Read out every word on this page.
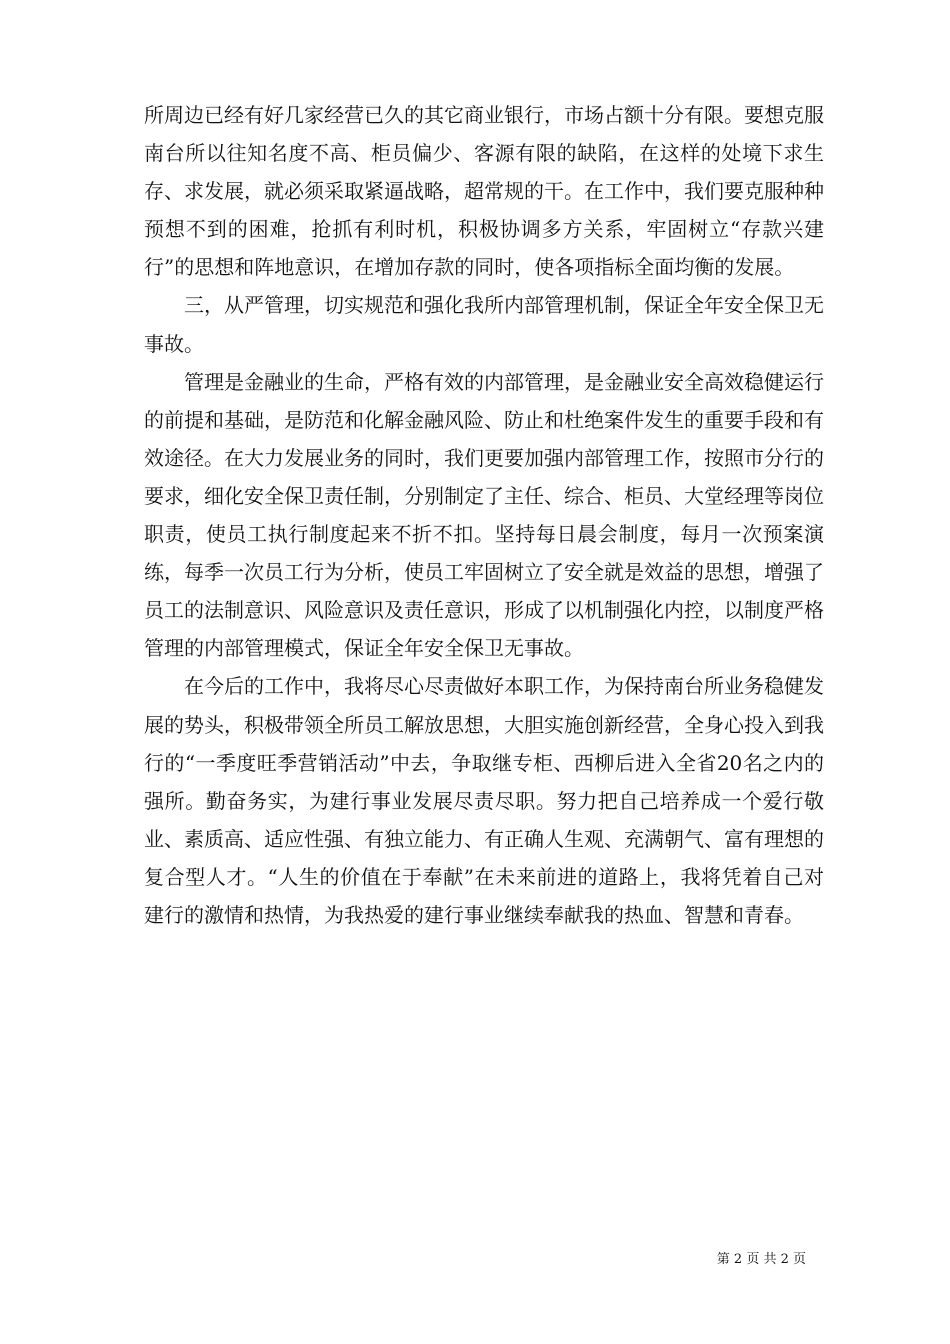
所周边已经有好几家经营已久的其它商业银行，市场占额十分有限。要想克服南台所以往知名度不高、柜员偏少、客源有限的缺陷，在这样的处境下求生存、求发展，就必须采取紧逼战略，超常规的干。在工作中，我们要克服种种预想不到的困难，抢抓有利时机，积极协调多方关系，牢固树立“存款兴建行”的思想和阵地意识，在增加存款的同时，使各项指标全面均衡的发展。

三，从严管理，切实规范和强化我所内部管理机制，保证全年安全保卫无事故。

管理是金融业的生命，严格有效的内部管理，是金融业安全高效稳健运行的前提和基础，是防范和化解金融风险、防止和杜绝案件发生的重要手段和有效途径。在大力发展业务的同时，我们更要加强内部管理工作，按照市分行的要求，细化安全保卫责任制，分别制定了主任、综合、柜员、大堂经理等岗位职责，使员工执行制度起来不折不扣。坚持每日晨会制度，每月一次预案演练，每季一次员工行为分析，使员工牢固树立了安全就是效益的思想，增强了员工的法制意识、风险意识及责任意识，形成了以机制强化内控，以制度严格管理的内部管理模式，保证全年安全保卫无事故。

在今后的工作中，我将尽心尽责做好本职工作，为保持南台所业务稳健发展的势头，积极带领全所员工解放思想，大胆实施创新经营，全身心投入到我行的“一季度旺季营销活动”中去，争取继专柜、西柳后进入全省20名之内的强所。勤奋务实，为建行事业发展尽责尽职。努力把自己培养成一个爱行敬业、素质高、适应性强、有独立能力、有正确人生观、充满朝气、富有理想的复合型人才。“人生的价值在于奉献”在未来前进的道路上，我将凭着自己对建行的激情和热情，为我热爱的建行事业继续奉献我的热血、智慧和青春。

第 2 页 共 2 页
